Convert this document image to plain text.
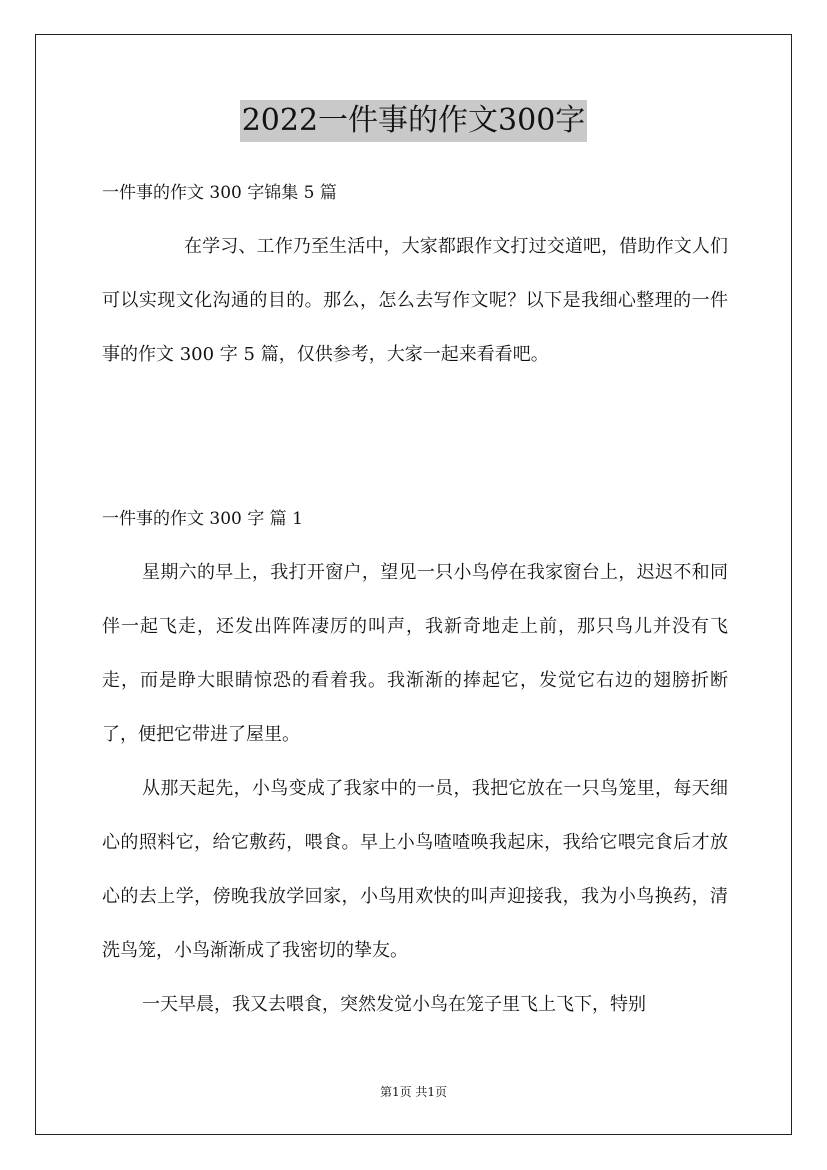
2022一件事的作文300字
一件事的作文 300 字锦集 5 篇

在学习、工作乃至生活中，大家都跟作文打过交道吧，借助作文人们可以实现文化沟通的目的。那么，怎么去写作文呢？以下是我细心整理的一件事的作文 300 字 5 篇，仅供参考，大家一起来看看吧。

一件事的作文 300 字 篇 1

星期六的早上，我打开窗户，望见一只小鸟停在我家窗台上，迟迟不和同伴一起飞走，还发出阵阵凄厉的叫声，我新奇地走上前，那只鸟儿并没有飞走，而是睁大眼睛惊恐的看着我。我渐渐的捧起它，发觉它右边的翅膀折断了，便把它带进了屋里。

从那天起先，小鸟变成了我家中的一员，我把它放在一只鸟笼里，每天细心的照料它，给它敷药，喂食。早上小鸟喳喳唤我起床，我给它喂完食后才放心的去上学，傍晚我放学回家，小鸟用欢快的叫声迎接我，我为小鸟换药，清洗鸟笼，小鸟渐渐成了我密切的挚友。

一天早晨，我又去喂食，突然发觉小鸟在笼子里飞上飞下，特别

第1页 共1页
